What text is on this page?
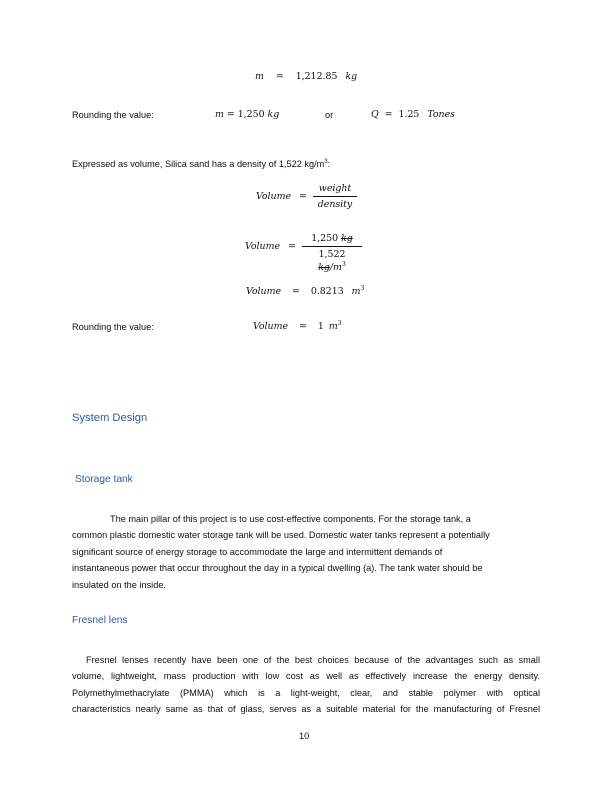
m = 1,212.85 kg
Rounding the value:	m = 1,250 kg	or	Q = 1.25 Tones
Expressed as volume, Silica sand has a density of 1,522 $kg/m^3$:
Volume =
weight
density
Volume =
1,250 kg
1,522 $kg/m^3$
Volume = 0.8213 $m^3$
Rounding the value:	Volume = 1 $m^3$
System Design
Storage tank
The main pillar of this project is to use cost-effective components. For the storage tank, a
common plastic domestic water storage tank will be used. Domestic water tanks represent a potentially
significant source of energy storage to accommodate the large and intermittent demands of
instantaneous power that occur throughout the day in a typical dwelling (a). The tank water should be
insulated on the inside.
Fresnel lens
Fresnel lenses recently have been one of the best choices because of the advantages such as small
volume, lightweight, mass production with low cost as well as effectively increase the energy density.
Polymethylmethacrylate (PMMA) which is a light-weight, clear, and stable polymer with optical
characteristics nearly same as that of glass, serves as a suitable material for the manufacturing of Fresnel
10
